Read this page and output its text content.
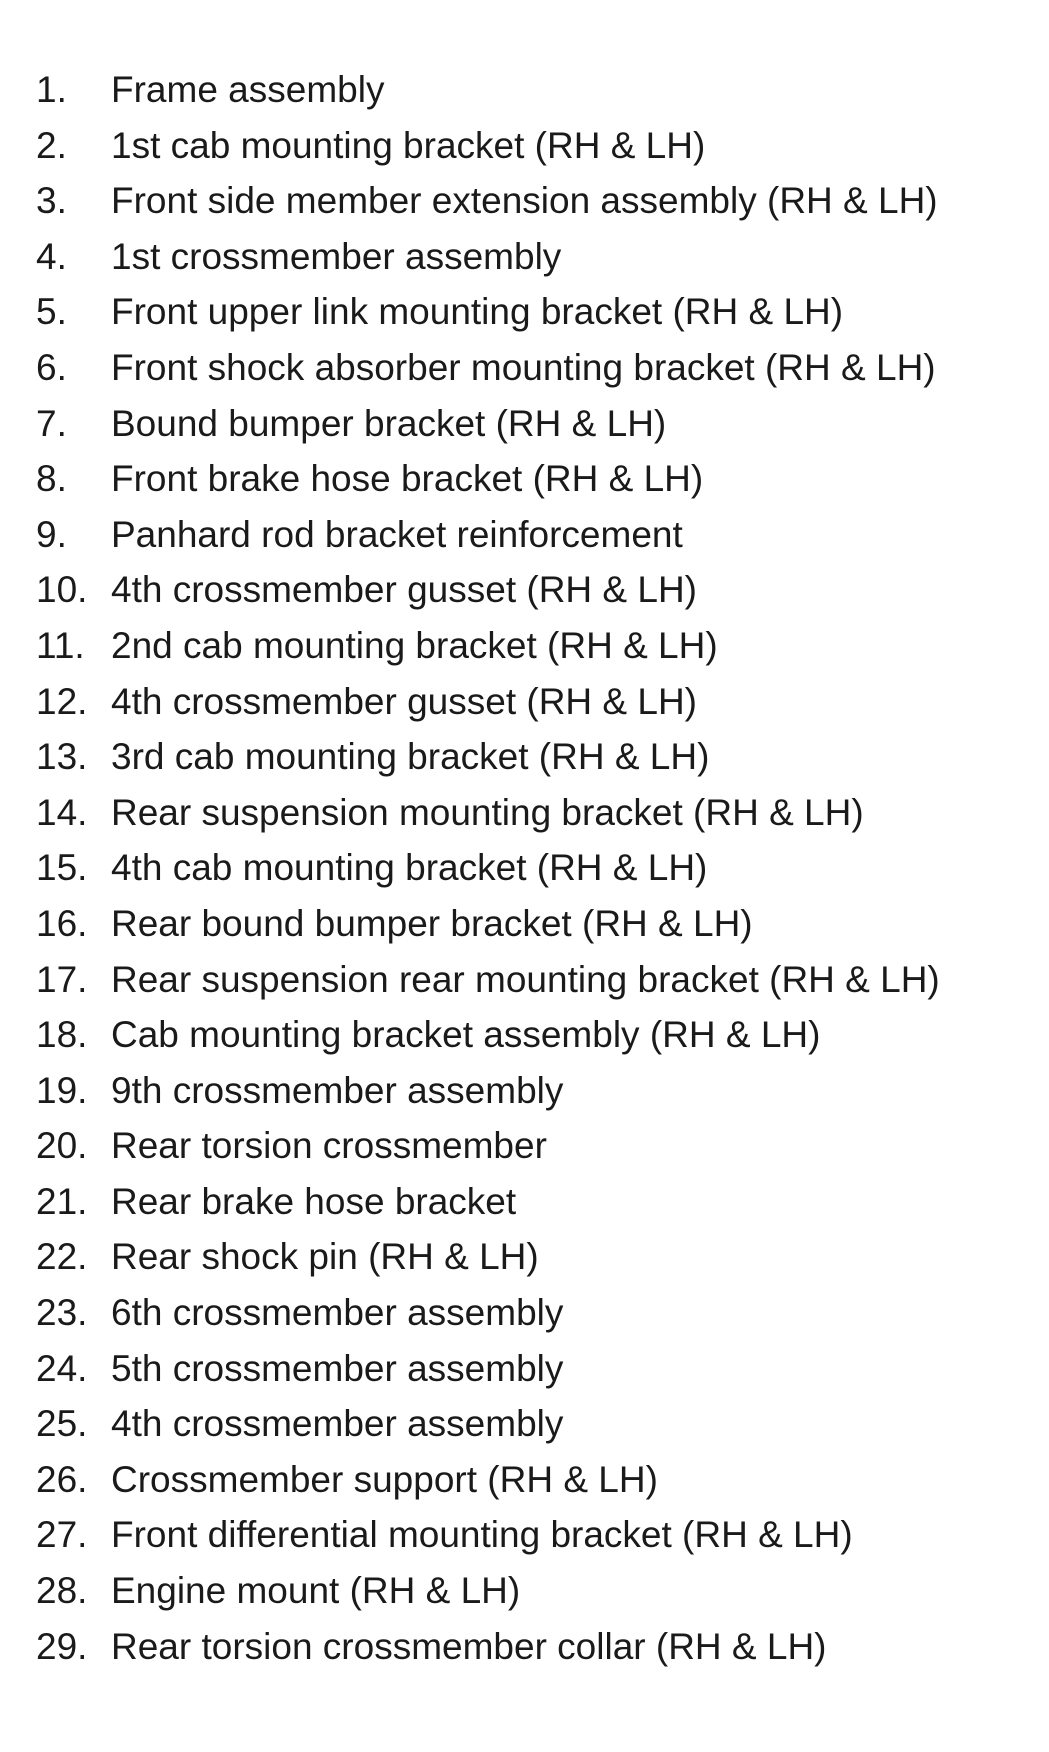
1.	Frame assembly
2.	1st cab mounting bracket (RH & LH)
3.	Front side member extension assembly (RH & LH)
4.	1st crossmember assembly
5.	Front upper link mounting bracket (RH & LH)
6.	Front shock absorber mounting bracket (RH & LH)
7.	Bound bumper bracket (RH & LH)
8.	Front brake hose bracket (RH & LH)
9.	Panhard rod bracket reinforcement
10. 4th crossmember gusset (RH & LH)
11. 2nd cab mounting bracket (RH & LH)
12. 4th crossmember gusset (RH & LH)
13. 3rd cab mounting bracket (RH & LH)
14. Rear suspension mounting bracket (RH & LH)
15. 4th cab mounting bracket (RH & LH)
16. Rear bound bumper bracket (RH & LH)
17. Rear suspension rear mounting bracket (RH & LH)
18. Cab mounting bracket assembly (RH & LH)
19. 9th crossmember assembly
20. Rear torsion crossmember
21. Rear brake hose bracket
22. Rear shock pin (RH & LH)
23. 6th crossmember assembly
24. 5th crossmember assembly
25. 4th crossmember assembly
26. Crossmember support (RH & LH)
27. Front differential mounting bracket (RH & LH)
28. Engine mount (RH & LH)
29. Rear torsion crossmember collar (RH & LH)
